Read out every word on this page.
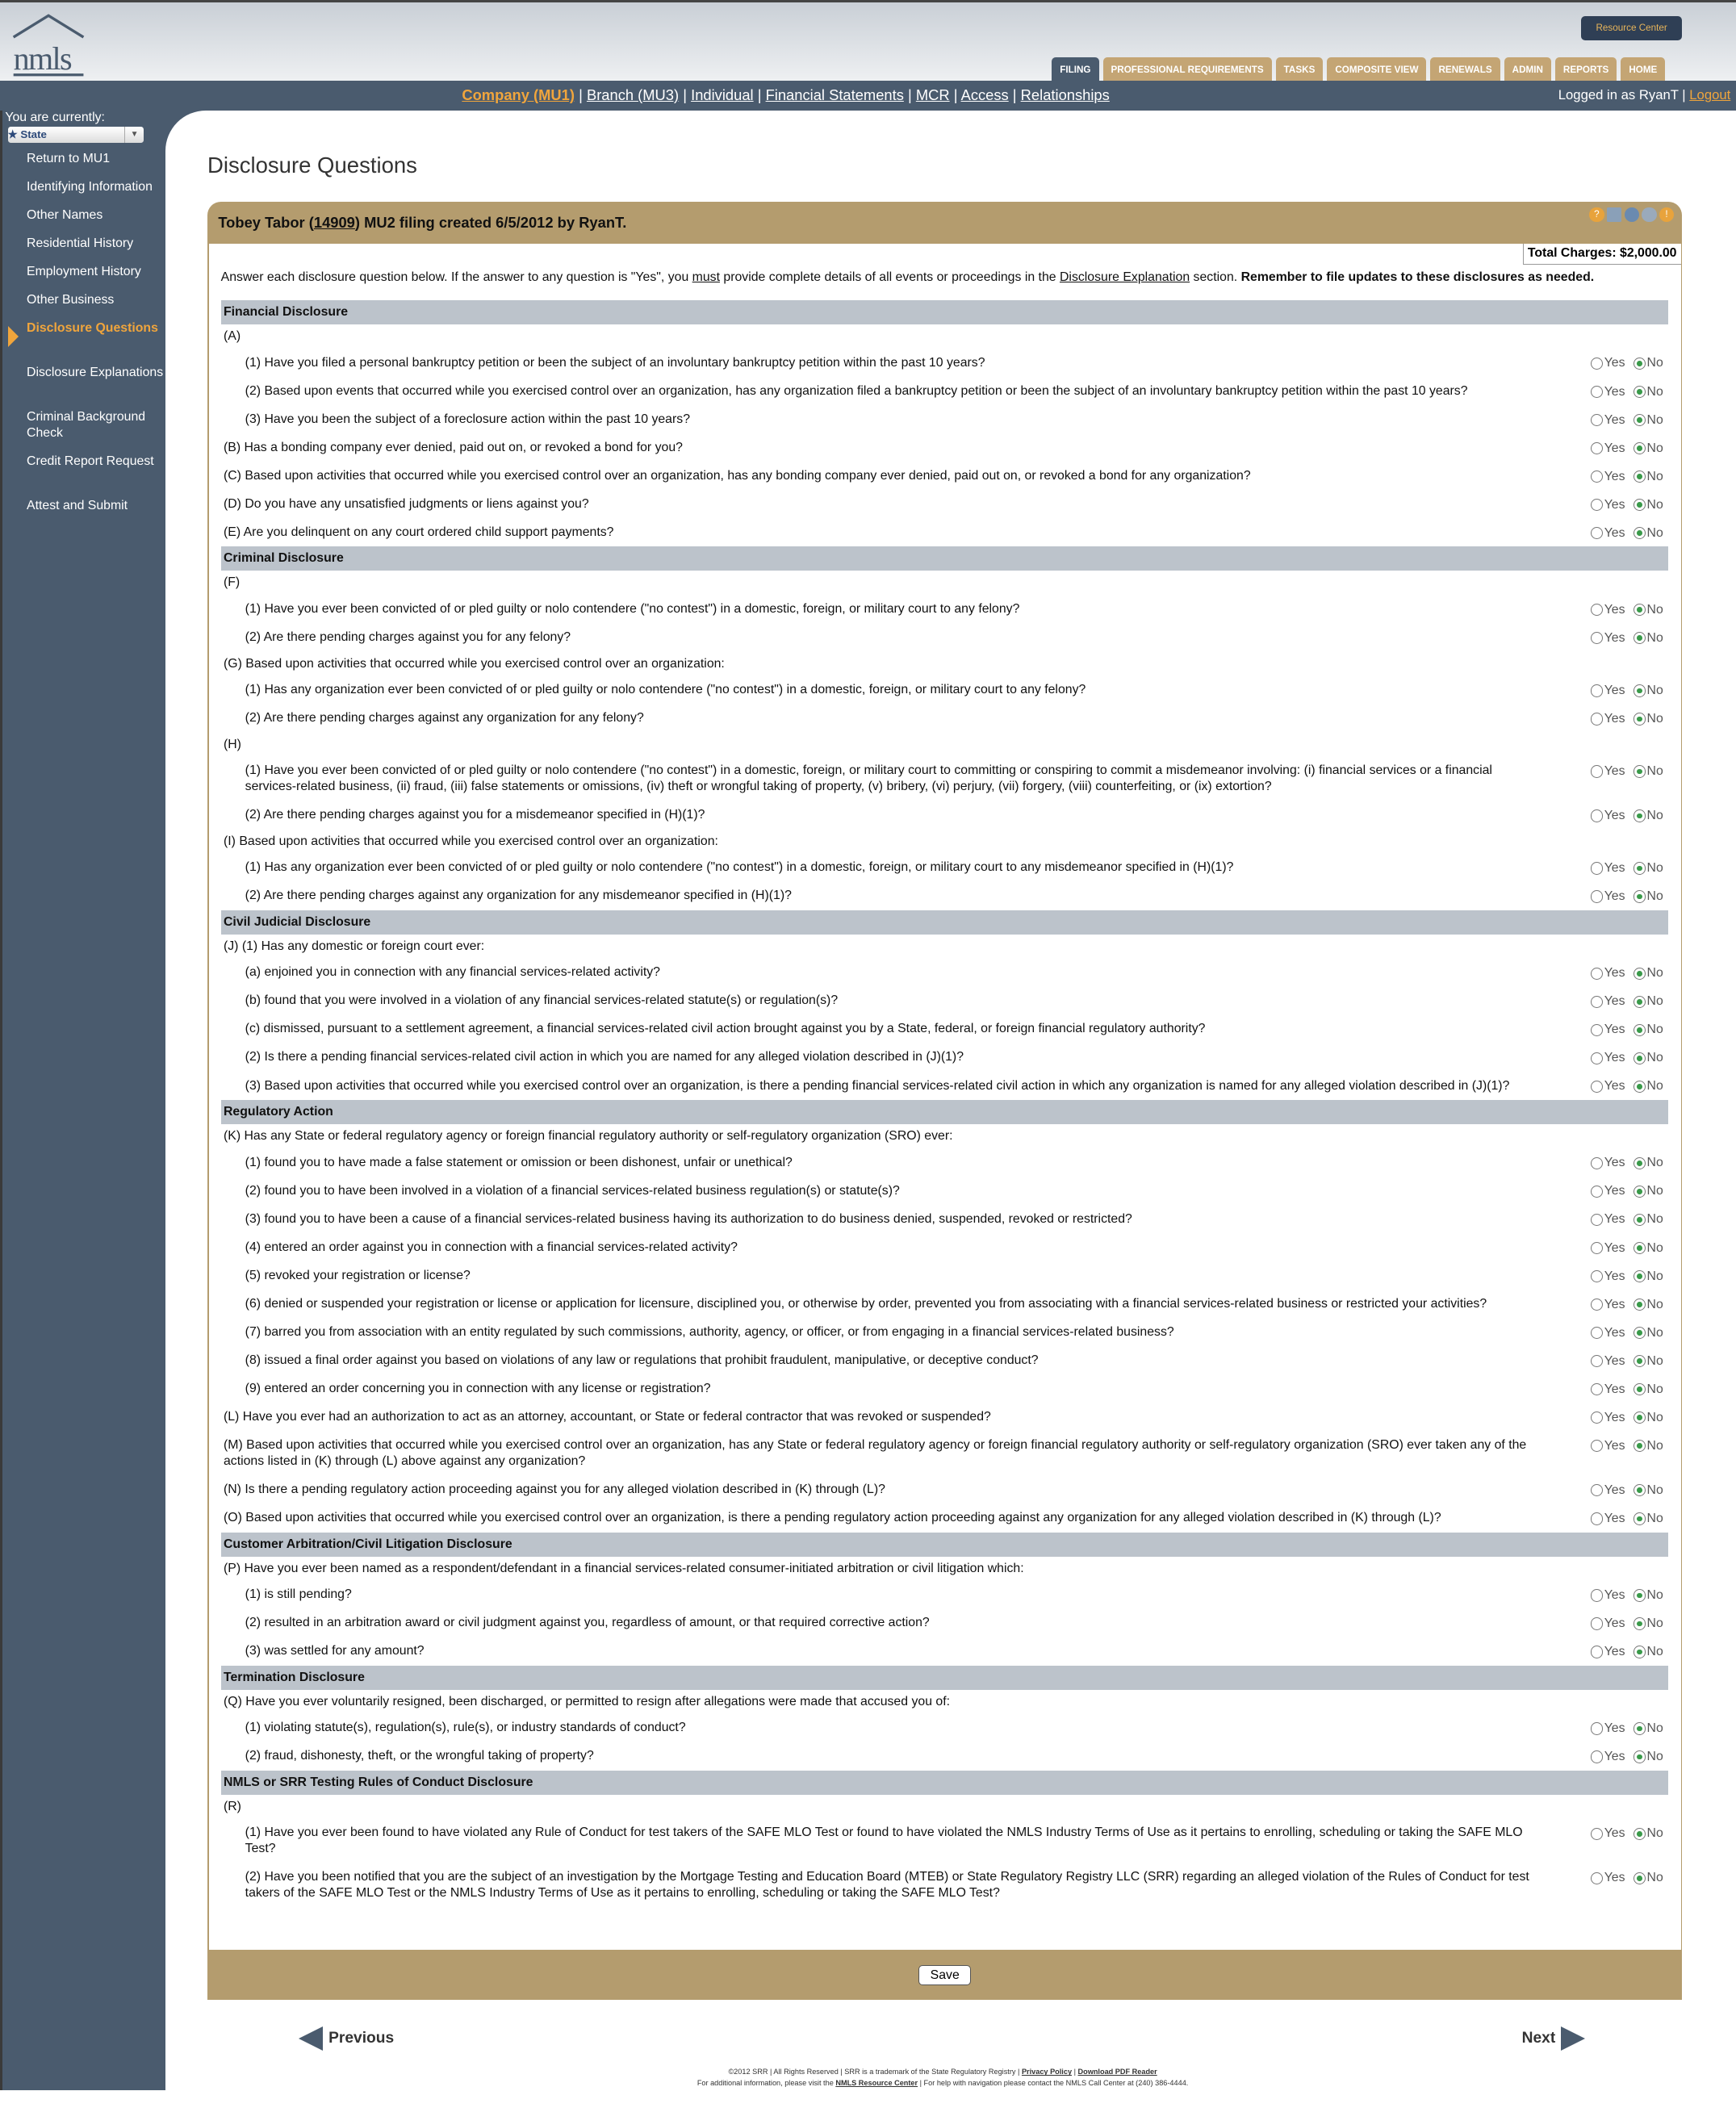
nmls
Resource Center
FILING	PROFESSIONAL REQUIREMENTS	TASKS	COMPOSITE VIEW	RENEWALS	ADMIN	REPORTS	HOME
Company (MU1) | Branch (MU3) | Individual | Financial Statements | MCR | Access | Relationships	Logged in as RyanT | Logout
You are currently:
★ State	▼
Return to MU1
Identifying Information
Other Names
Residential History
Employment History
Other Business
Disclosure Questions
Disclosure Explanations
Criminal Background Check
Credit Report Request
Attest and Submit
Disclosure Questions
Tobey Tabor (14909) MU2 filing created 6/5/2012 by RyanT.	?	!
Total Charges: $2,000.00
Answer each disclosure question below. If the answer to any question is "Yes", you must provide complete details of all events or proceedings in the Disclosure Explanation section. Remember to file updates to these disclosures as needed.
Financial Disclosure
(A)
(1) Have you filed a personal bankruptcy petition or been the subject of an involuntary bankruptcy petition within the past 10 years?	Yes	No
(2) Based upon events that occurred while you exercised control over an organization, has any organization filed a bankruptcy petition or been the subject of an involuntary bankruptcy petition within the past 10 years?	Yes	No
(3) Have you been the subject of a foreclosure action within the past 10 years?	Yes	No
(B) Has a bonding company ever denied, paid out on, or revoked a bond for you?	Yes	No
(C) Based upon activities that occurred while you exercised control over an organization, has any bonding company ever denied, paid out on, or revoked a bond for any organization?	Yes	No
(D) Do you have any unsatisfied judgments or liens against you?	Yes	No
(E) Are you delinquent on any court ordered child support payments?	Yes	No
Criminal Disclosure
(F)
(1) Have you ever been convicted of or pled guilty or nolo contendere ("no contest") in a domestic, foreign, or military court to any felony?	Yes	No
(2) Are there pending charges against you for any felony?	Yes	No
(G) Based upon activities that occurred while you exercised control over an organization:
(1) Has any organization ever been convicted of or pled guilty or nolo contendere ("no contest") in a domestic, foreign, or military court to any felony?	Yes	No
(2) Are there pending charges against any organization for any felony?	Yes	No
(H)
(1) Have you ever been convicted of or pled guilty or nolo contendere ("no contest") in a domestic, foreign, or military court to committing or conspiring to commit a misdemeanor involving: (i) financial services or a financial services-related business, (ii) fraud, (iii) false statements or omissions, (iv) theft or wrongful taking of property, (v) bribery, (vi) perjury, (vii) forgery, (viii) counterfeiting, or (ix) extortion?
Yes	No
(2) Are there pending charges against you for a misdemeanor specified in (H)(1)?	Yes	No
(I) Based upon activities that occurred while you exercised control over an organization:
(1) Has any organization ever been convicted of or pled guilty or nolo contendere ("no contest") in a domestic, foreign, or military court to any misdemeanor specified in (H)(1)?	Yes	No
(2) Are there pending charges against any organization for any misdemeanor specified in (H)(1)?	Yes	No
Civil Judicial Disclosure
(J) (1) Has any domestic or foreign court ever:
(a) enjoined you in connection with any financial services-related activity?	Yes	No
(b) found that you were involved in a violation of any financial services-related statute(s) or regulation(s)?	Yes	No
(c) dismissed, pursuant to a settlement agreement, a financial services-related civil action brought against you by a State, federal, or foreign financial regulatory authority?	Yes	No
(2) Is there a pending financial services-related civil action in which you are named for any alleged violation described in (J)(1)?	Yes	No
(3) Based upon activities that occurred while you exercised control over an organization, is there a pending financial services-related civil action in which any organization is named for any alleged violation described in (J)(1)?	Yes	No
Regulatory Action
(K) Has any State or federal regulatory agency or foreign financial regulatory authority or self-regulatory organization (SRO) ever:
(1) found you to have made a false statement or omission or been dishonest, unfair or unethical?	Yes	No
(2) found you to have been involved in a violation of a financial services-related business regulation(s) or statute(s)?	Yes	No
(3) found you to have been a cause of a financial services-related business having its authorization to do business denied, suspended, revoked or restricted?	Yes	No
(4) entered an order against you in connection with a financial services-related activity?	Yes	No
(5) revoked your registration or license?	Yes	No
(6) denied or suspended your registration or license or application for licensure, disciplined you, or otherwise by order, prevented you from associating with a financial services-related business or restricted your activities?	Yes	No
(7) barred you from association with an entity regulated by such commissions, authority, agency, or officer, or from engaging in a financial services-related business?	Yes	No
(8) issued a final order against you based on violations of any law or regulations that prohibit fraudulent, manipulative, or deceptive conduct?	Yes	No
(9) entered an order concerning you in connection with any license or registration?	Yes	No
(L) Have you ever had an authorization to act as an attorney, accountant, or State or federal contractor that was revoked or suspended?	Yes	No
(M) Based upon activities that occurred while you exercised control over an organization, has any State or federal regulatory agency or foreign financial regulatory authority or self-regulatory organization (SRO) ever taken any of the actions listed in (K) through (L) above against any organization?
Yes	No
(N) Is there a pending regulatory action proceeding against you for any alleged violation described in (K) through (L)?	Yes	No
(O) Based upon activities that occurred while you exercised control over an organization, is there a pending regulatory action proceeding against any organization for any alleged violation described in (K) through (L)?	Yes	No
Customer Arbitration/Civil Litigation Disclosure
(P) Have you ever been named as a respondent/defendant in a financial services-related consumer-initiated arbitration or civil litigation which:
(1) is still pending?	Yes	No
(2) resulted in an arbitration award or civil judgment against you, regardless of amount, or that required corrective action?	Yes	No
(3) was settled for any amount?	Yes	No
Termination Disclosure
(Q) Have you ever voluntarily resigned, been discharged, or permitted to resign after allegations were made that accused you of:
(1) violating statute(s), regulation(s), rule(s), or industry standards of conduct?	Yes	No
(2) fraud, dishonesty, theft, or the wrongful taking of property?	Yes	No
NMLS or SRR Testing Rules of Conduct Disclosure
(R)
(1) Have you ever been found to have violated any Rule of Conduct for test takers of the SAFE MLO Test or found to have violated the NMLS Industry Terms of Use as it pertains to enrolling, scheduling or taking the SAFE MLO Test?
Yes	No
(2) Have you been notified that you are the subject of an investigation by the Mortgage Testing and Education Board (MTEB) or State Regulatory Registry LLC (SRR) regarding an alleged violation of the Rules of Conduct for test takers of the SAFE MLO Test or the NMLS Industry Terms of Use as it pertains to enrolling, scheduling or taking the SAFE MLO Test?
Yes	No
Save
Previous	Next
©2012 SRR | All Rights Reserved | SRR is a trademark of the State Regulatory Registry | Privacy Policy | Download PDF Reader
For additional information, please visit the NMLS Resource Center | For help with navigation please contact the NMLS Call Center at (240) 386-4444.
